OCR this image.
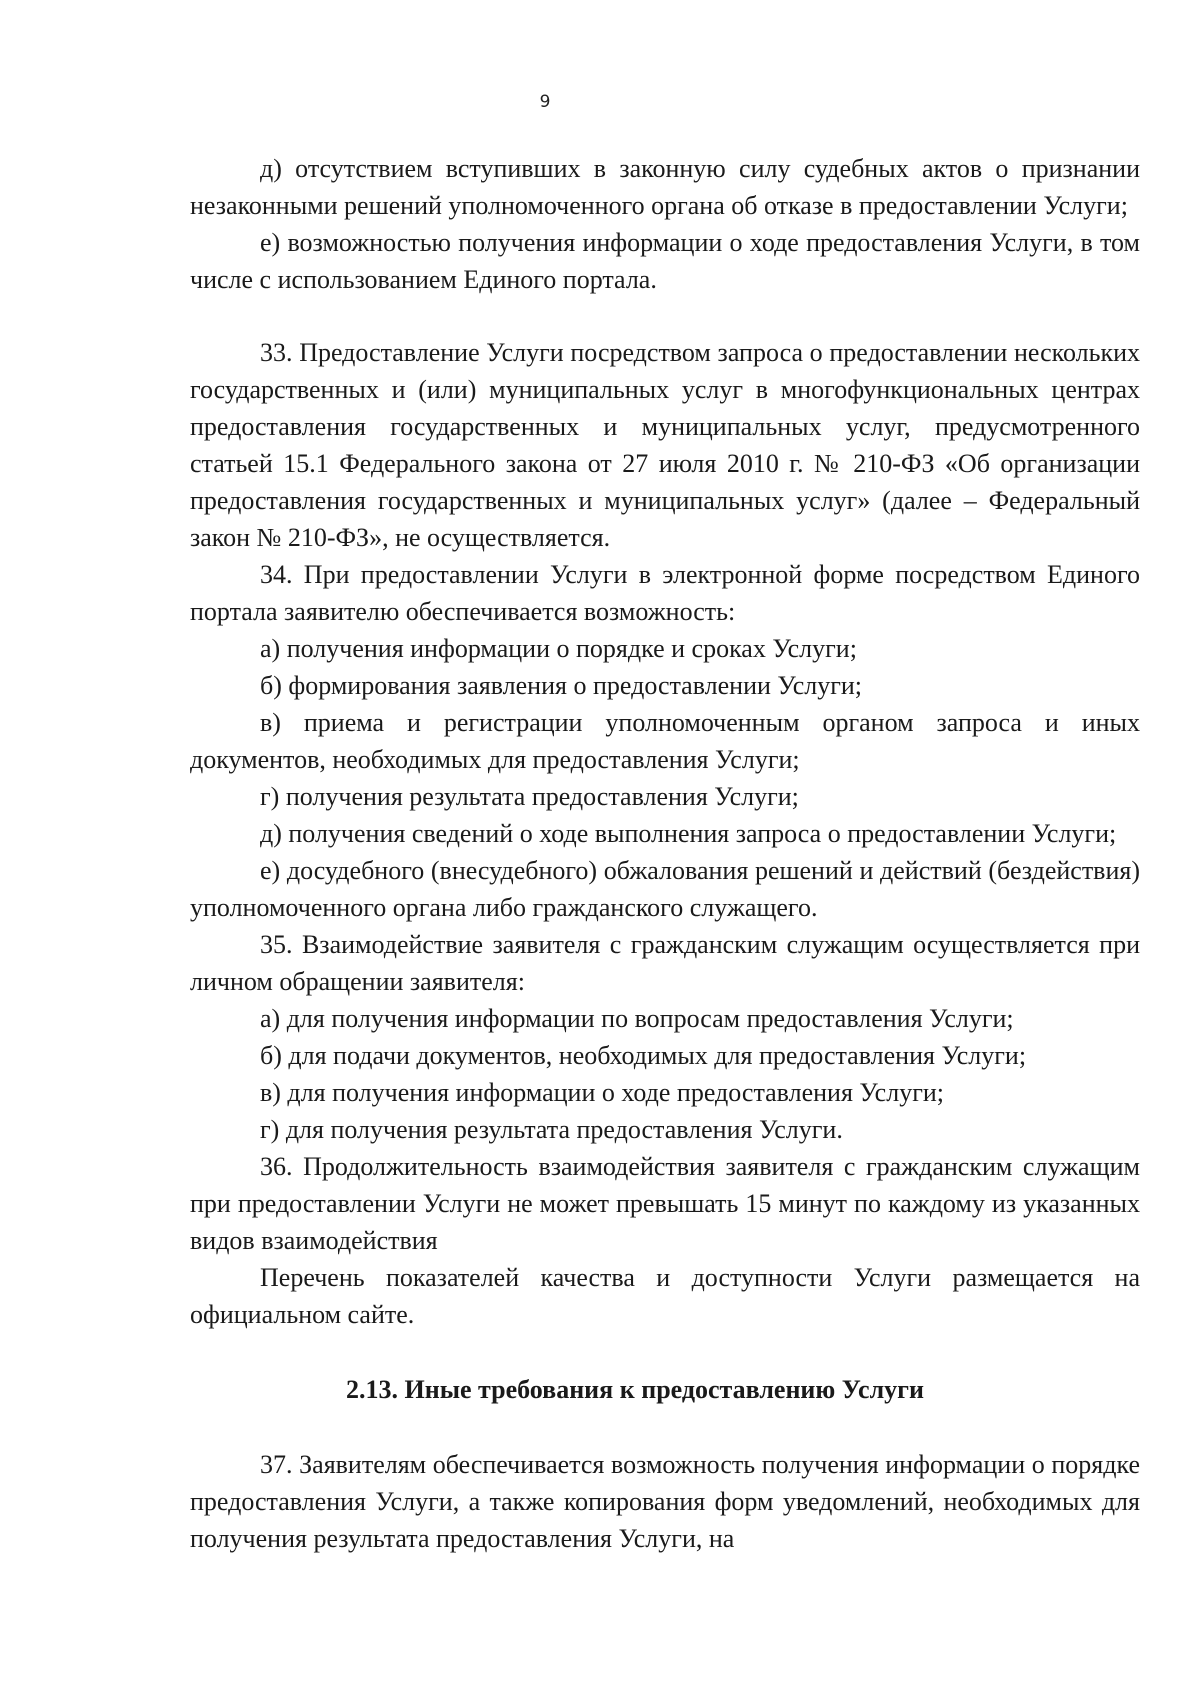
9

д) отсутствием вступивших в законную силу судебных актов о признании незаконными решений уполномоченного органа об отказе в предоставлении Услуги;

е) возможностью получения информации о ходе предоставления Услуги, в том числе с использованием Единого портала.

33. Предоставление Услуги посредством запроса о предоставлении нескольких государственных и (или) муниципальных услуг в многофункциональных центрах предоставления государственных и муниципальных услуг, предусмотренного статьей 15.1 Федерального закона от 27 июля 2010 г. № 210-ФЗ «Об организации предоставления государственных и муниципальных услуг» (далее – Федеральный закон № 210-ФЗ», не осуществляется.

34. При предоставлении Услуги в электронной форме посредством Единого портала заявителю обеспечивается возможность:

а) получения информации о порядке и сроках Услуги;

б) формирования заявления о предоставлении Услуги;

в) приема и регистрации уполномоченным органом запроса и иных документов, необходимых для предоставления Услуги;

г) получения результата предоставления Услуги;

д) получения сведений о ходе выполнения запроса о предоставлении Услуги;

е) досудебного (внесудебного) обжалования решений и действий (бездействия) уполномоченного органа либо гражданского служащего.

35. Взаимодействие заявителя с гражданским служащим осуществляется при личном обращении заявителя:

а) для получения информации по вопросам предоставления Услуги;

б) для подачи документов, необходимых для предоставления Услуги;

в) для получения информации о ходе предоставления Услуги;

г) для получения результата предоставления Услуги.

36. Продолжительность взаимодействия заявителя с гражданским служащим при предоставлении Услуги не может превышать 15 минут по каждому из указанных видов взаимодействия

Перечень показателей качества и доступности Услуги размещается на официальном сайте.

2.13. Иные требования к предоставлению Услуги

37. Заявителям обеспечивается возможность получения информации о порядке предоставления Услуги, а также копирования форм уведомлений, необходимых для получения результата предоставления Услуги, на
